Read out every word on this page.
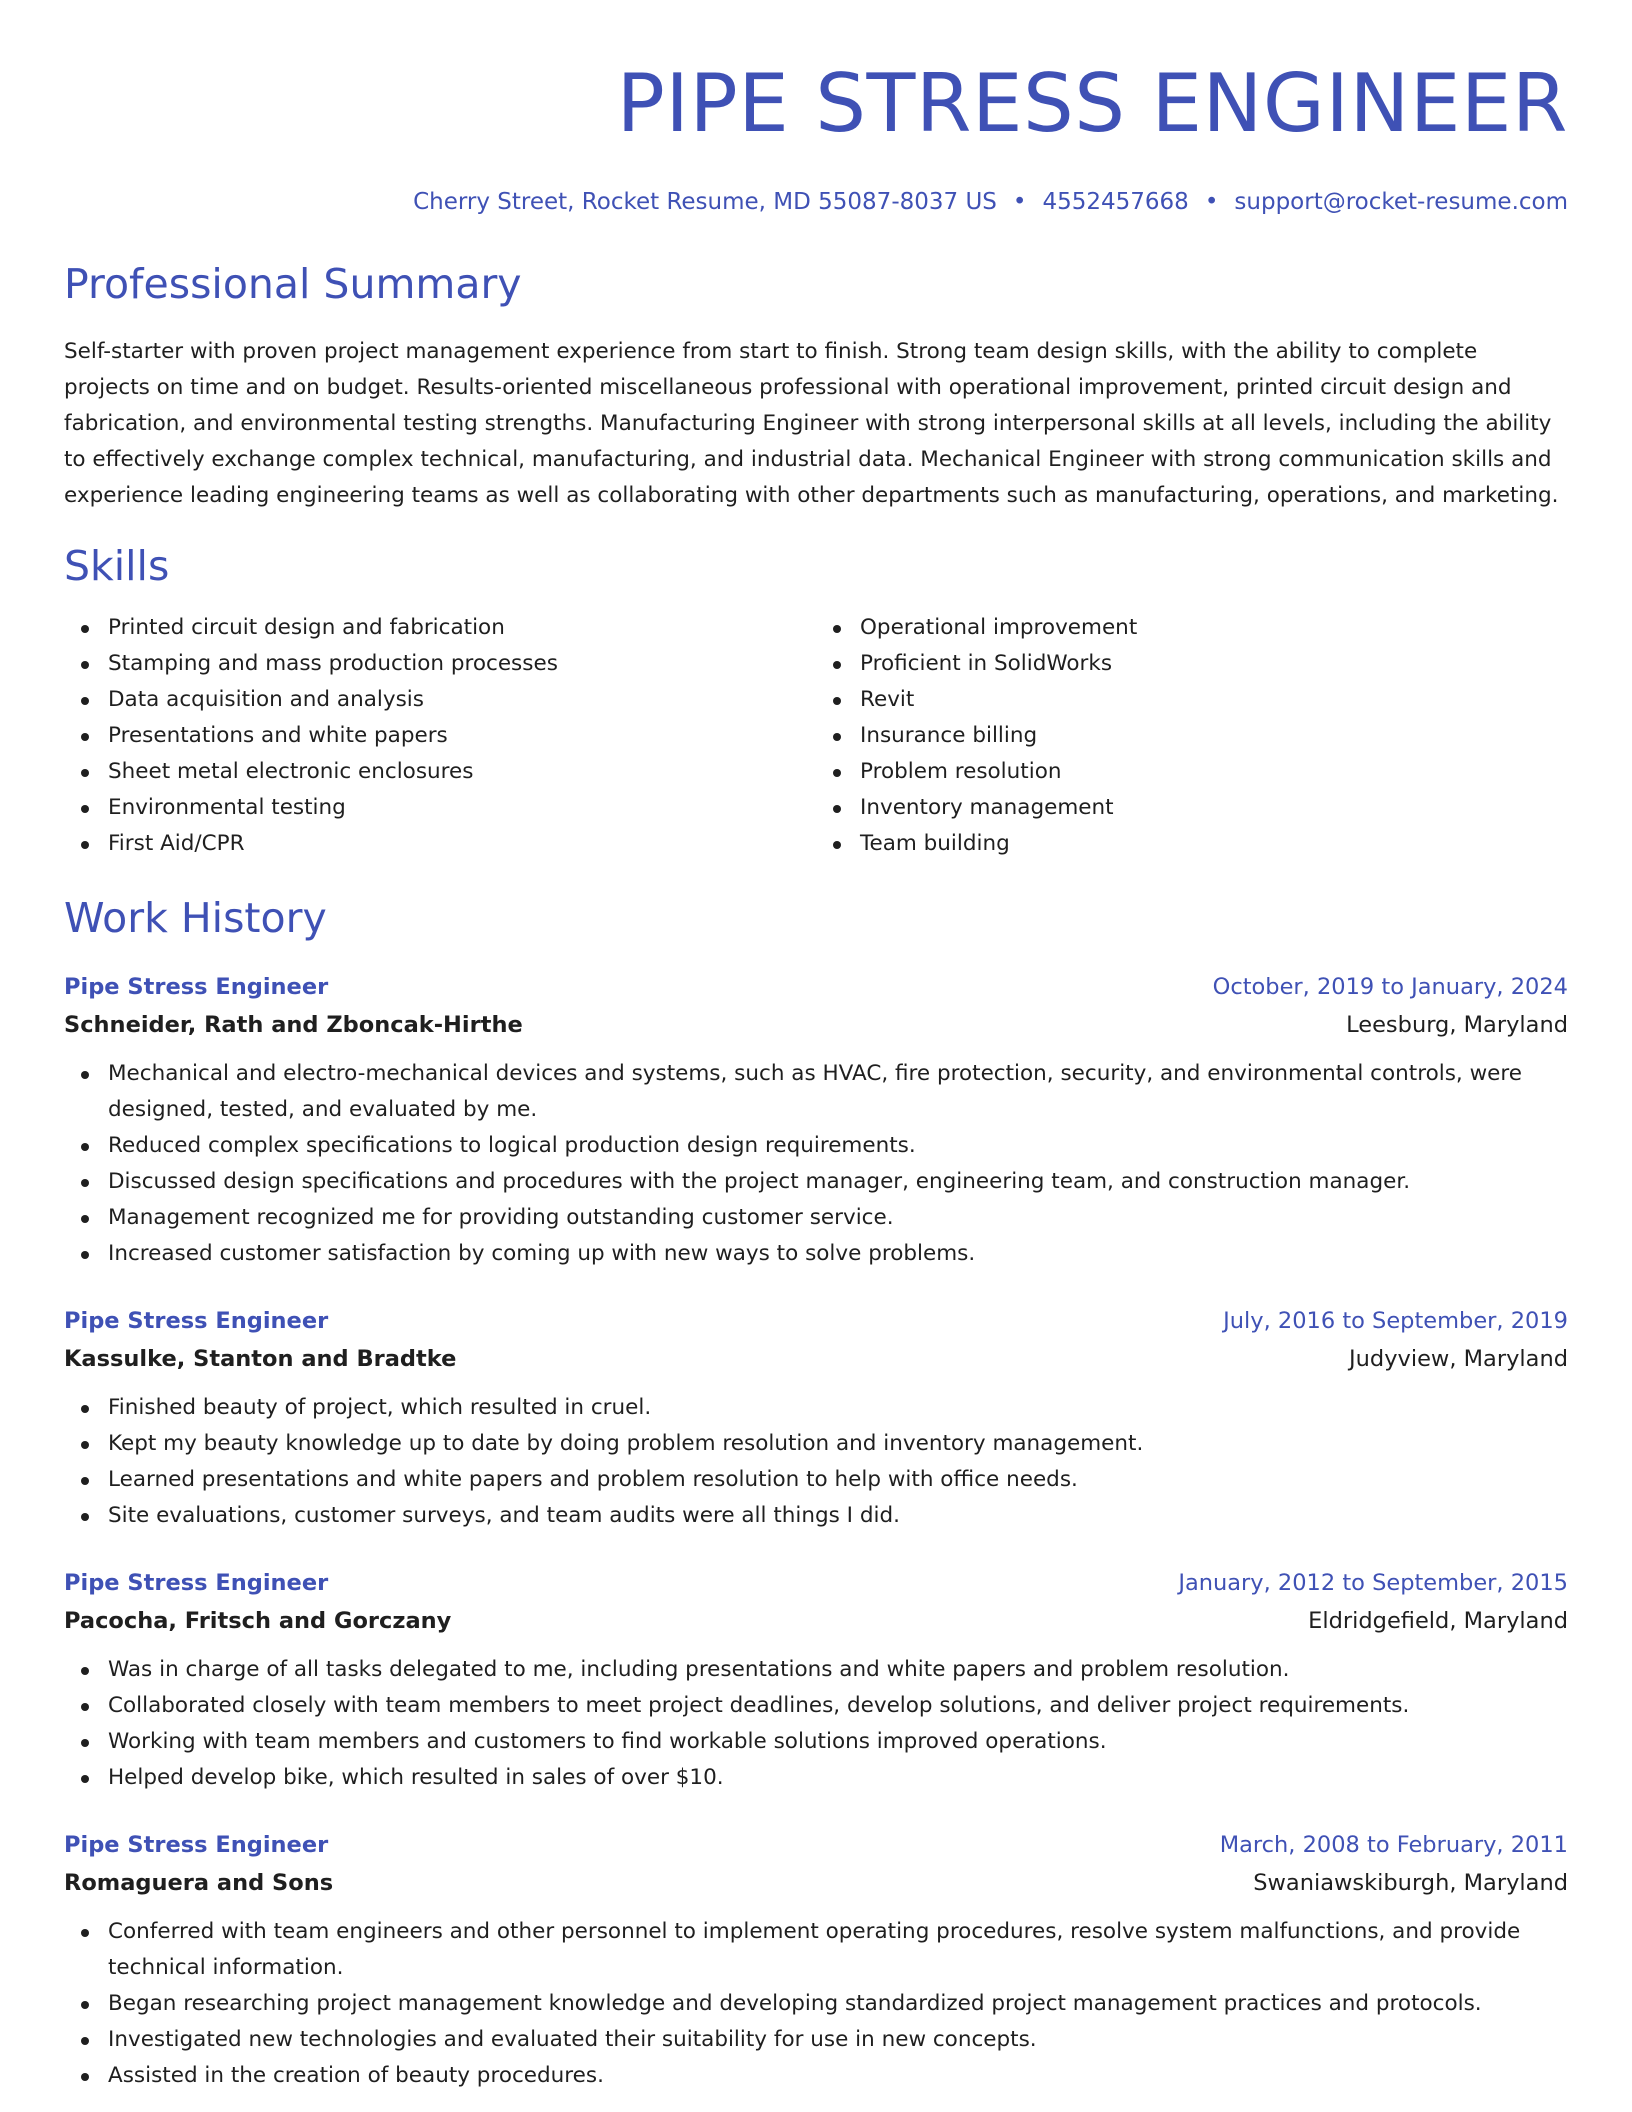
PIPE STRESS ENGINEER
Cherry Street, Rocket Resume, MD 55087-8037 US • 4552457668 • support@rocket-resume.com
Professional Summary
Self-starter with proven project management experience from start to finish. Strong team design skills, with the ability to complete projects on time and on budget. Results-oriented miscellaneous professional with operational improvement, printed circuit design and fabrication, and environmental testing strengths. Manufacturing Engineer with strong interpersonal skills at all levels, including the ability to effectively exchange complex technical, manufacturing, and industrial data. Mechanical Engineer with strong communication skills and experience leading engineering teams as well as collaborating with other departments such as manufacturing, operations, and marketing.
Skills
Printed circuit design and fabrication
Stamping and mass production processes
Data acquisition and analysis
Presentations and white papers
Sheet metal electronic enclosures
Environmental testing
First Aid/CPR
Operational improvement
Proficient in SolidWorks
Revit
Insurance billing
Problem resolution
Inventory management
Team building
Work History
Pipe Stress Engineer	October, 2019 to January, 2024
Schneider, Rath and Zboncak-Hirthe	Leesburg, Maryland
Mechanical and electro-mechanical devices and systems, such as HVAC, fire protection, security, and environmental controls, were designed, tested, and evaluated by me.
Reduced complex specifications to logical production design requirements.
Discussed design specifications and procedures with the project manager, engineering team, and construction manager.
Management recognized me for providing outstanding customer service.
Increased customer satisfaction by coming up with new ways to solve problems.
Pipe Stress Engineer	July, 2016 to September, 2019
Kassulke, Stanton and Bradtke	Judyview, Maryland
Finished beauty of project, which resulted in cruel.
Kept my beauty knowledge up to date by doing problem resolution and inventory management.
Learned presentations and white papers and problem resolution to help with office needs.
Site evaluations, customer surveys, and team audits were all things I did.
Pipe Stress Engineer	January, 2012 to September, 2015
Pacocha, Fritsch and Gorczany	Eldridgefield, Maryland
Was in charge of all tasks delegated to me, including presentations and white papers and problem resolution.
Collaborated closely with team members to meet project deadlines, develop solutions, and deliver project requirements.
Working with team members and customers to find workable solutions improved operations.
Helped develop bike, which resulted in sales of over $10.
Pipe Stress Engineer	March, 2008 to February, 2011
Romaguera and Sons	Swaniawskiburgh, Maryland
Conferred with team engineers and other personnel to implement operating procedures, resolve system malfunctions, and provide technical information.
Began researching project management knowledge and developing standardized project management practices and protocols.
Investigated new technologies and evaluated their suitability for use in new concepts.
Assisted in the creation of beauty procedures.
